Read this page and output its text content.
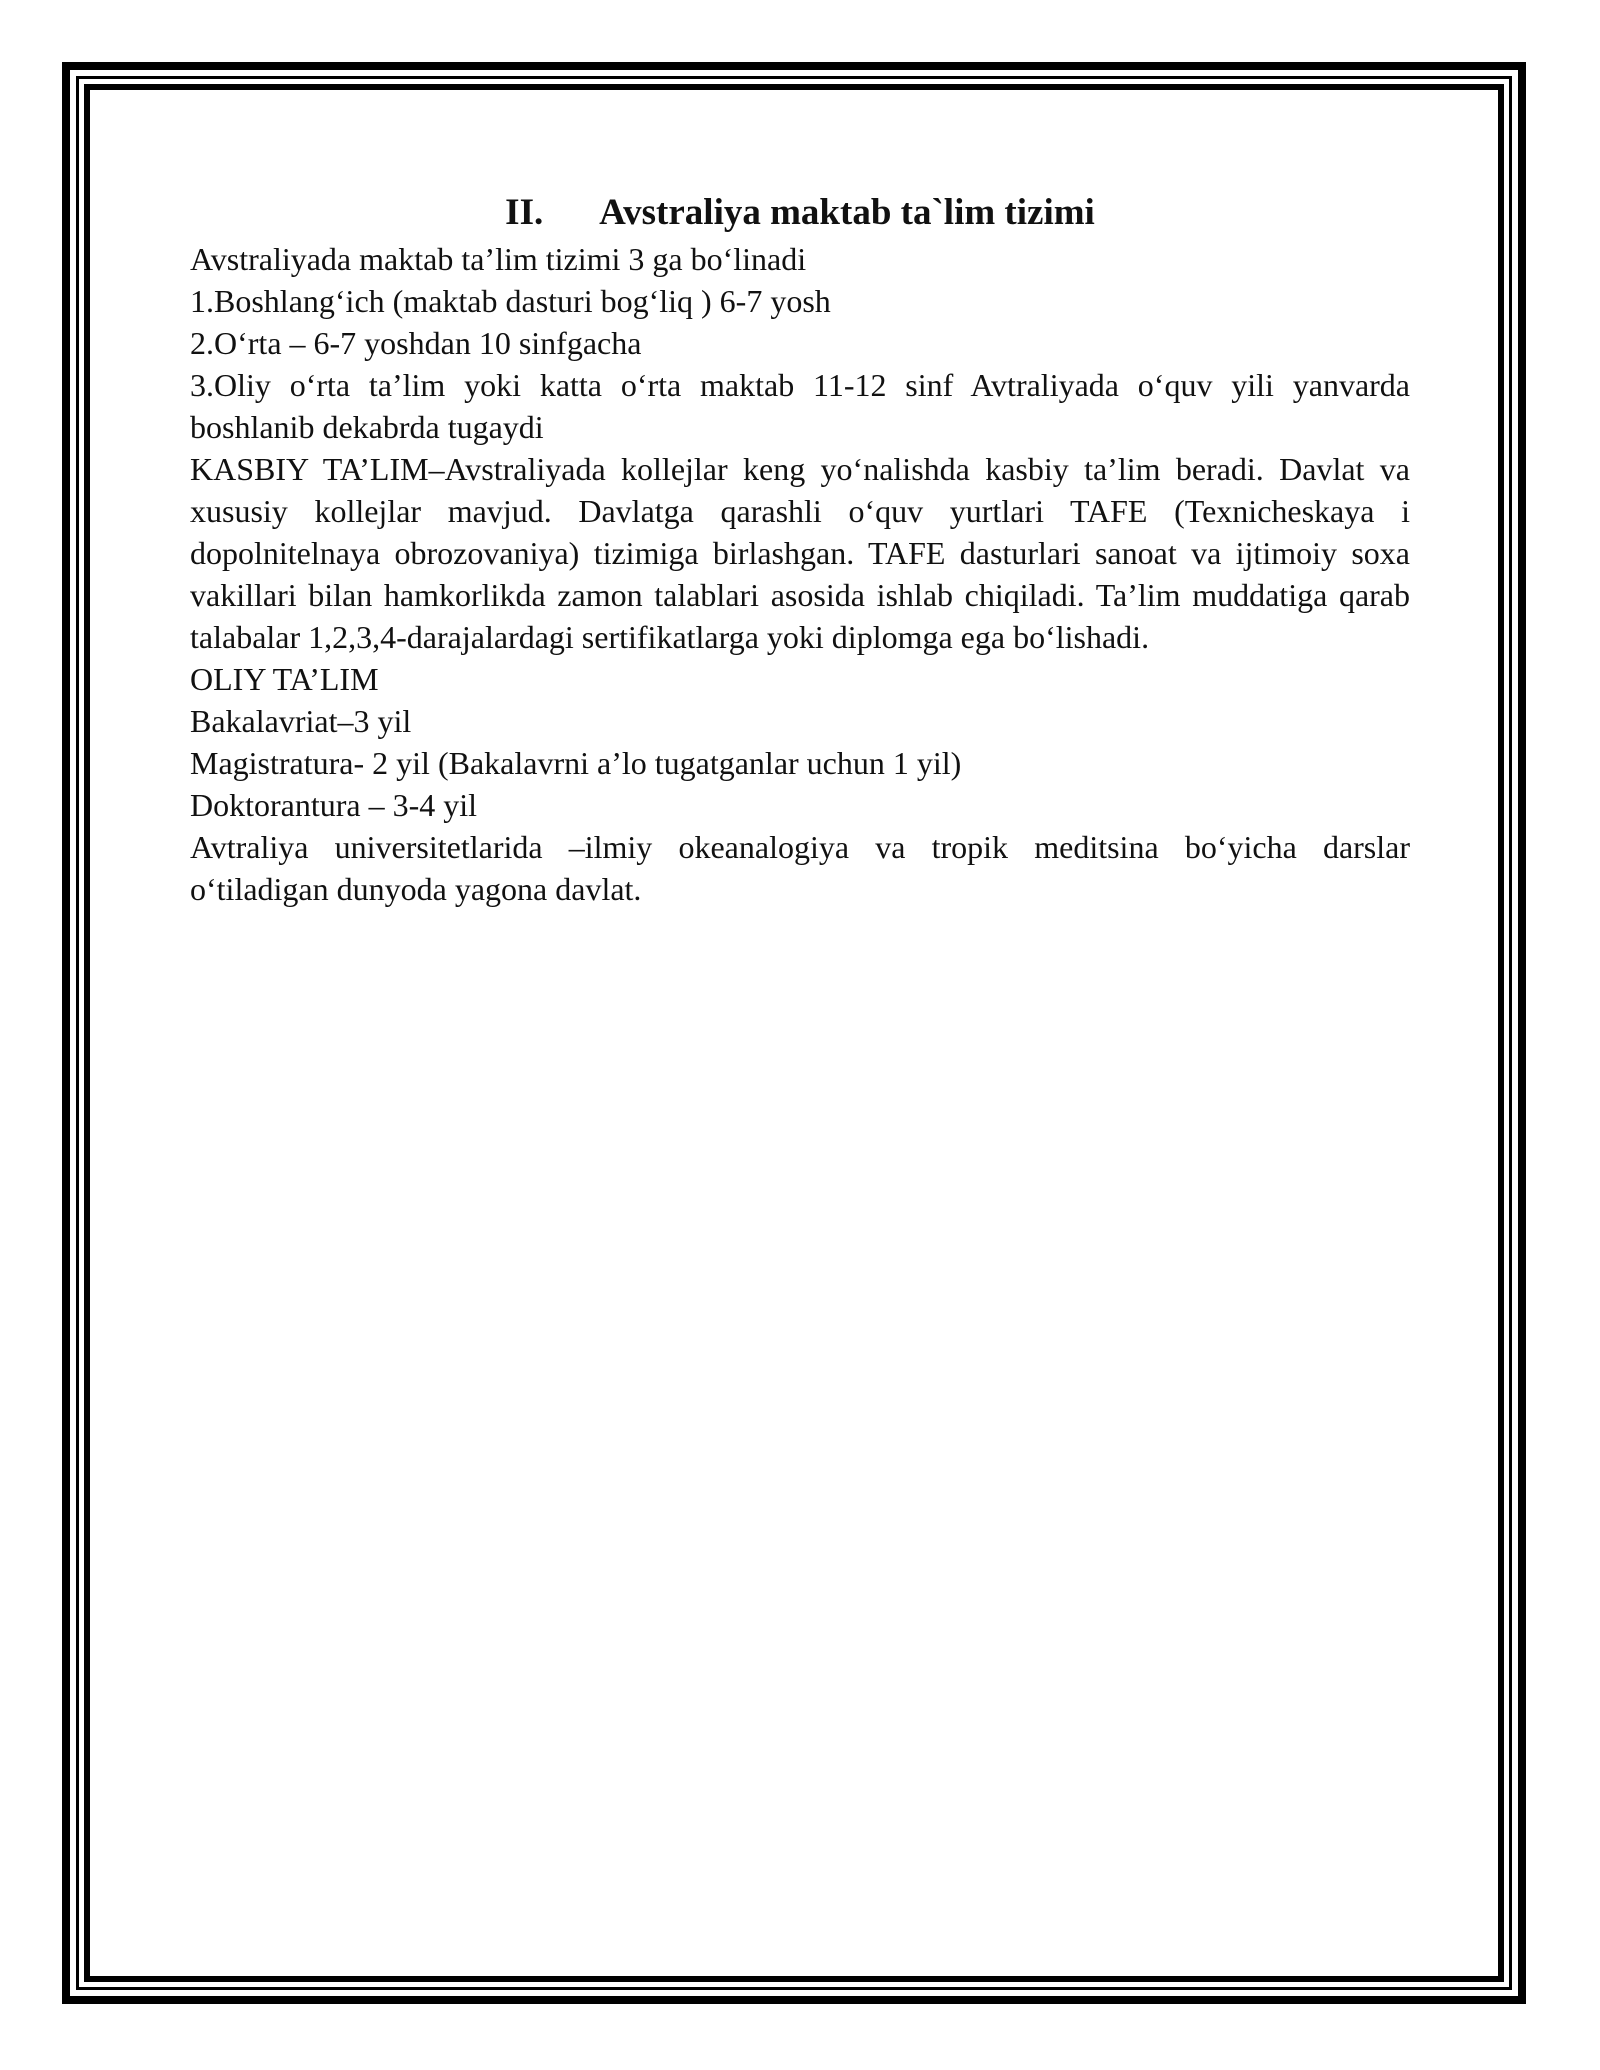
II. Avstraliya maktab ta`lim tizimi

Avstraliyada maktab ta’lim tizimi 3 ga bo‘linadi

1.Boshlang‘ich (maktab dasturi bog‘liq ) 6-7 yosh

2.O‘rta – 6-7 yoshdan 10 sinfgacha

3.Oliy o‘rta ta’lim yoki katta o‘rta maktab 11-12 sinf Avtraliyada o‘quv yili yanvarda boshlanib dekabrda tugaydi

KASBIY TA’LIM–Avstraliyada kollejlar keng yo‘nalishda kasbiy ta’lim beradi. Davlat va xususiy kollejlar mavjud. Davlatga qarashli o‘quv yurtlari TAFE (Texnicheskaya i dopolnitelnaya obrozovaniya) tizimiga birlashgan. TAFE dasturlari sanoat va ijtimoiy soxa vakillari bilan hamkorlikda zamon talablari asosida ishlab chiqiladi. Ta’lim muddatiga qarab talabalar 1,2,3,4-darajalardagi sertifikatlarga yoki diplomga ega bo‘lishadi.

OLIY TA’LIM

Bakalavriat–3 yil

Magistratura- 2 yil (Bakalavrni a’lo tugatganlar uchun 1 yil)

Doktorantura – 3-4 yil

Avtraliya universitetlarida –ilmiy okeanalogiya va tropik meditsina bo‘yicha darslar o‘tiladigan dunyoda yagona davlat.
